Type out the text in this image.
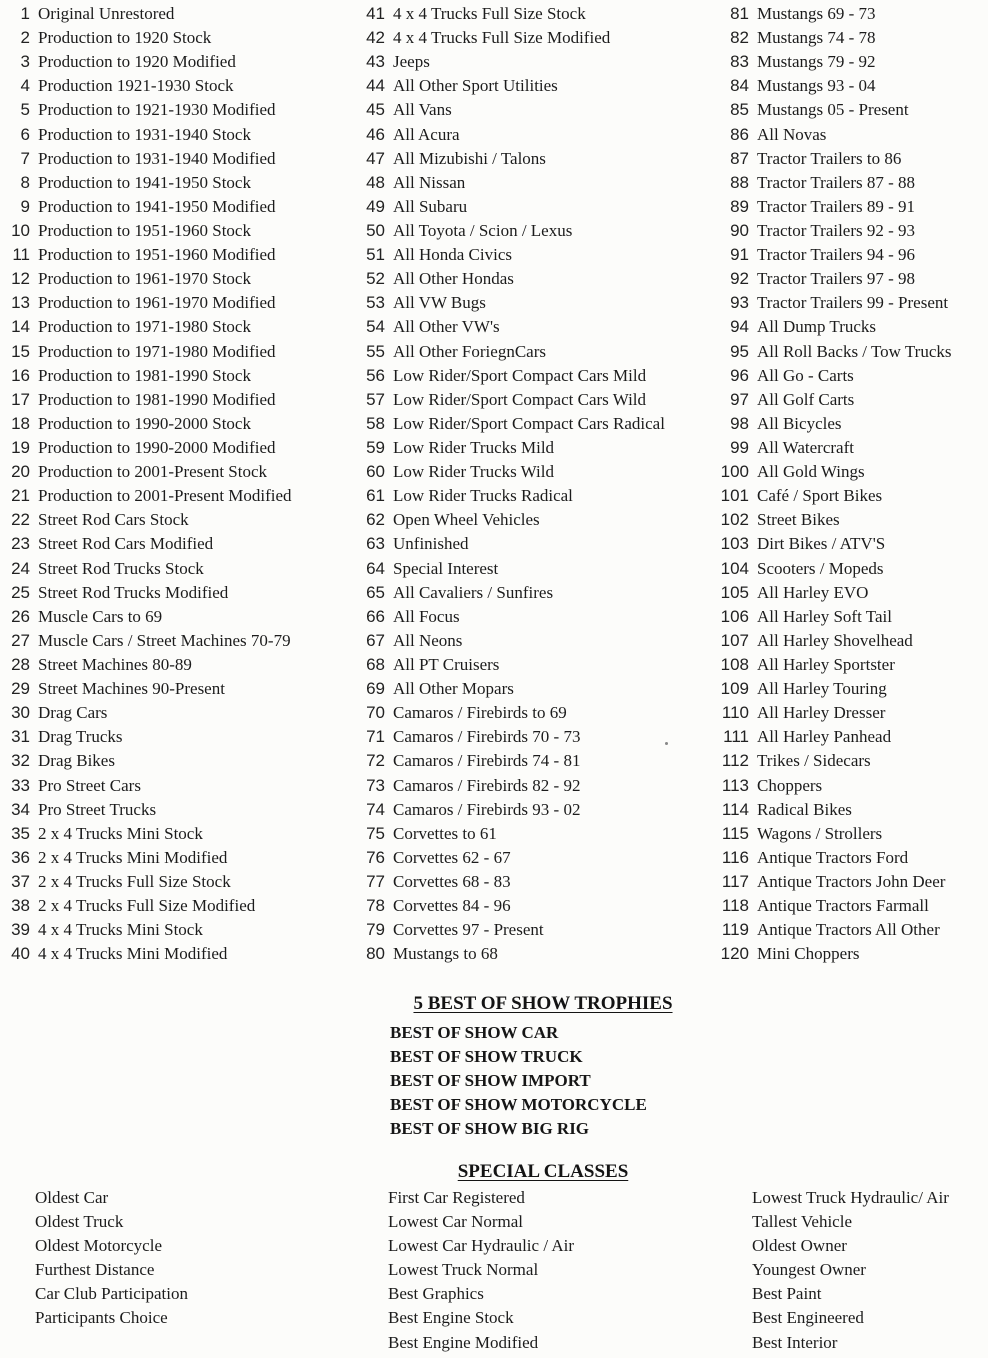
1 Original Unrestored
2 Production to 1920 Stock
3 Production to 1920 Modified
4 Production 1921-1930 Stock
5 Production to 1921-1930 Modified
6 Production to 1931-1940 Stock
7 Production to 1931-1940 Modified
8 Production to 1941-1950 Stock
9 Production to 1941-1950 Modified
10 Production to 1951-1960 Stock
11 Production to 1951-1960 Modified
12 Production to 1961-1970 Stock
13 Production to 1961-1970 Modified
14 Production to 1971-1980 Stock
15 Production to 1971-1980 Modified
16 Production to 1981-1990 Stock
17 Production to 1981-1990 Modified
18 Production to 1990-2000 Stock
19 Production to 1990-2000 Modified
20 Production to 2001-Present Stock
21 Production to 2001-Present Modified
22 Street Rod Cars Stock
23 Street Rod Cars Modified
24 Street Rod Trucks Stock
25 Street Rod Trucks Modified
26 Muscle Cars to 69
27 Muscle Cars / Street Machines 70-79
28 Street Machines 80-89
29 Street Machines 90-Present
30 Drag Cars
31 Drag Trucks
32 Drag Bikes
33 Pro Street Cars
34 Pro Street Trucks
35 2 x 4 Trucks Mini Stock
36 2 x 4 Trucks Mini Modified
37 2 x 4 Trucks Full Size Stock
38 2 x 4 Trucks Full Size Modified
39 4 x 4 Trucks Mini Stock
40 4 x 4 Trucks Mini Modified
41 4 x 4 Trucks Full Size Stock
42 4 x 4 Trucks Full Size Modified
43 Jeeps
44 All Other Sport Utilities
45 All Vans
46 All Acura
47 All Mizubishi / Talons
48 All Nissan
49 All Subaru
50 All Toyota / Scion / Lexus
51 All Honda Civics
52 All Other Hondas
53 All VW Bugs
54 All Other VW's
55 All Other ForiegnCars
56 Low Rider/Sport Compact Cars Mild
57 Low Rider/Sport Compact Cars Wild
58 Low Rider/Sport Compact Cars Radical
59 Low Rider Trucks Mild
60 Low Rider Trucks Wild
61 Low Rider Trucks Radical
62 Open Wheel Vehicles
63 Unfinished
64 Special Interest
65 All Cavaliers / Sunfires
66 All Focus
67 All Neons
68 All PT Cruisers
69 All Other Mopars
70 Camaros / Firebirds to 69
71 Camaros / Firebirds 70 - 73
72 Camaros / Firebirds 74 - 81
73 Camaros / Firebirds 82 - 92
74 Camaros / Firebirds 93 - 02
75 Corvettes to 61
76 Corvettes 62 - 67
77 Corvettes 68 - 83
78 Corvettes 84 - 96
79 Corvettes 97 - Present
80 Mustangs to 68
81 Mustangs 69 - 73
82 Mustangs 74 - 78
83 Mustangs 79 - 92
84 Mustangs 93 - 04
85 Mustangs 05 - Present
86 All Novas
87 Tractor Trailers to 86
88 Tractor Trailers 87 - 88
89 Tractor Trailers 89 - 91
90 Tractor Trailers 92 - 93
91 Tractor Trailers 94 - 96
92 Tractor Trailers 97 - 98
93 Tractor Trailers 99 - Present
94 All Dump Trucks
95 All Roll Backs / Tow Trucks
96 All Go - Carts
97 All Golf Carts
98 All Bicycles
99 All Watercraft
100 All Gold Wings
101 Café / Sport Bikes
102 Street Bikes
103 Dirt Bikes / ATV'S
104 Scooters / Mopeds
105 All Harley EVO
106 All Harley Soft Tail
107 All Harley Shovelhead
108 All Harley Sportster
109 All Harley Touring
110 All Harley Dresser
111 All Harley Panhead
112 Trikes / Sidecars
113 Choppers
114 Radical Bikes
115 Wagons / Strollers
116 Antique Tractors Ford
117 Antique Tractors John Deer
118 Antique Tractors Farmall
119 Antique Tractors All Other
120 Mini Choppers
5 BEST OF SHOW TROPHIES
BEST OF SHOW CAR
BEST OF SHOW TRUCK
BEST OF SHOW IMPORT
BEST OF SHOW MOTORCYCLE
BEST OF SHOW BIG RIG
SPECIAL CLASSES
Oldest Car
Oldest Truck
Oldest Motorcycle
Furthest Distance
Car Club Participation
Participants Choice
First Car Registered
Lowest Car Normal
Lowest Car Hydraulic / Air
Lowest Truck Normal
Best Graphics
Best Engine Stock
Best Engine Modified
Lowest Truck Hydraulic/ Air
Tallest Vehicle
Oldest Owner
Youngest Owner
Best Paint
Best Engineered
Best Interior
